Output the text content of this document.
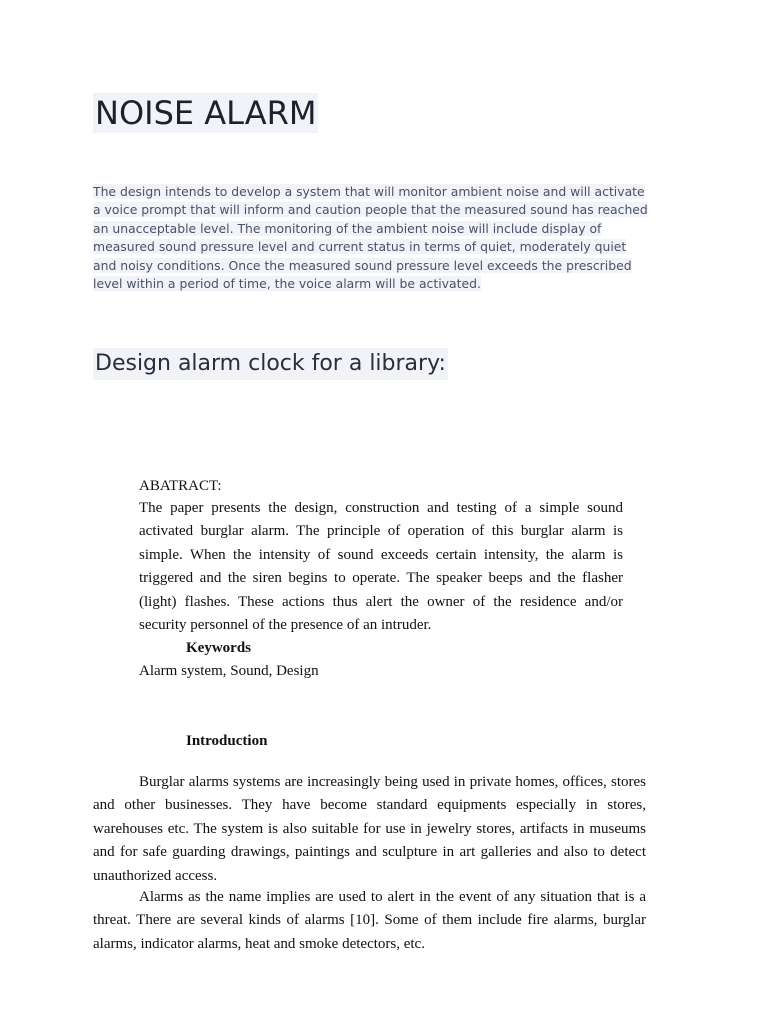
NOISE ALARM
The design intends to develop a system that will monitor ambient noise and will activate
a voice prompt that will inform and caution people that the measured sound has reached
an unacceptable level. The monitoring of the ambient noise will include display of
measured sound pressure level and current status in terms of quiet, moderately quiet
and noisy conditions. Once the measured sound pressure level exceeds the prescribed
level within a period of time, the voice alarm will be activated.
Design alarm clock for a library:
ABATRACT:
The paper presents the design, construction and testing of a simple sound activated burglar alarm. The principle of operation of this burglar alarm is simple. When the intensity of sound exceeds certain intensity, the alarm is triggered and the siren begins to operate. The speaker beeps and the flasher (light) flashes. These actions thus alert the owner of the residence and/or security personnel of the presence of an intruder.
Keywords
Alarm system, Sound, Design
Introduction
Burglar alarms systems are increasingly being used in private homes, offices, stores and other businesses. They have become standard equipments especially in stores, warehouses etc. The system is also suitable for use in jewelry stores, artifacts in museums and for safe guarding drawings, paintings and sculpture in art galleries and also to detect unauthorized access.
Alarms as the name implies are used to alert in the event of any situation that is a threat. There are several kinds of alarms [10]. Some of them include fire alarms, burglar alarms, indicator alarms, heat and smoke detectors, etc.
